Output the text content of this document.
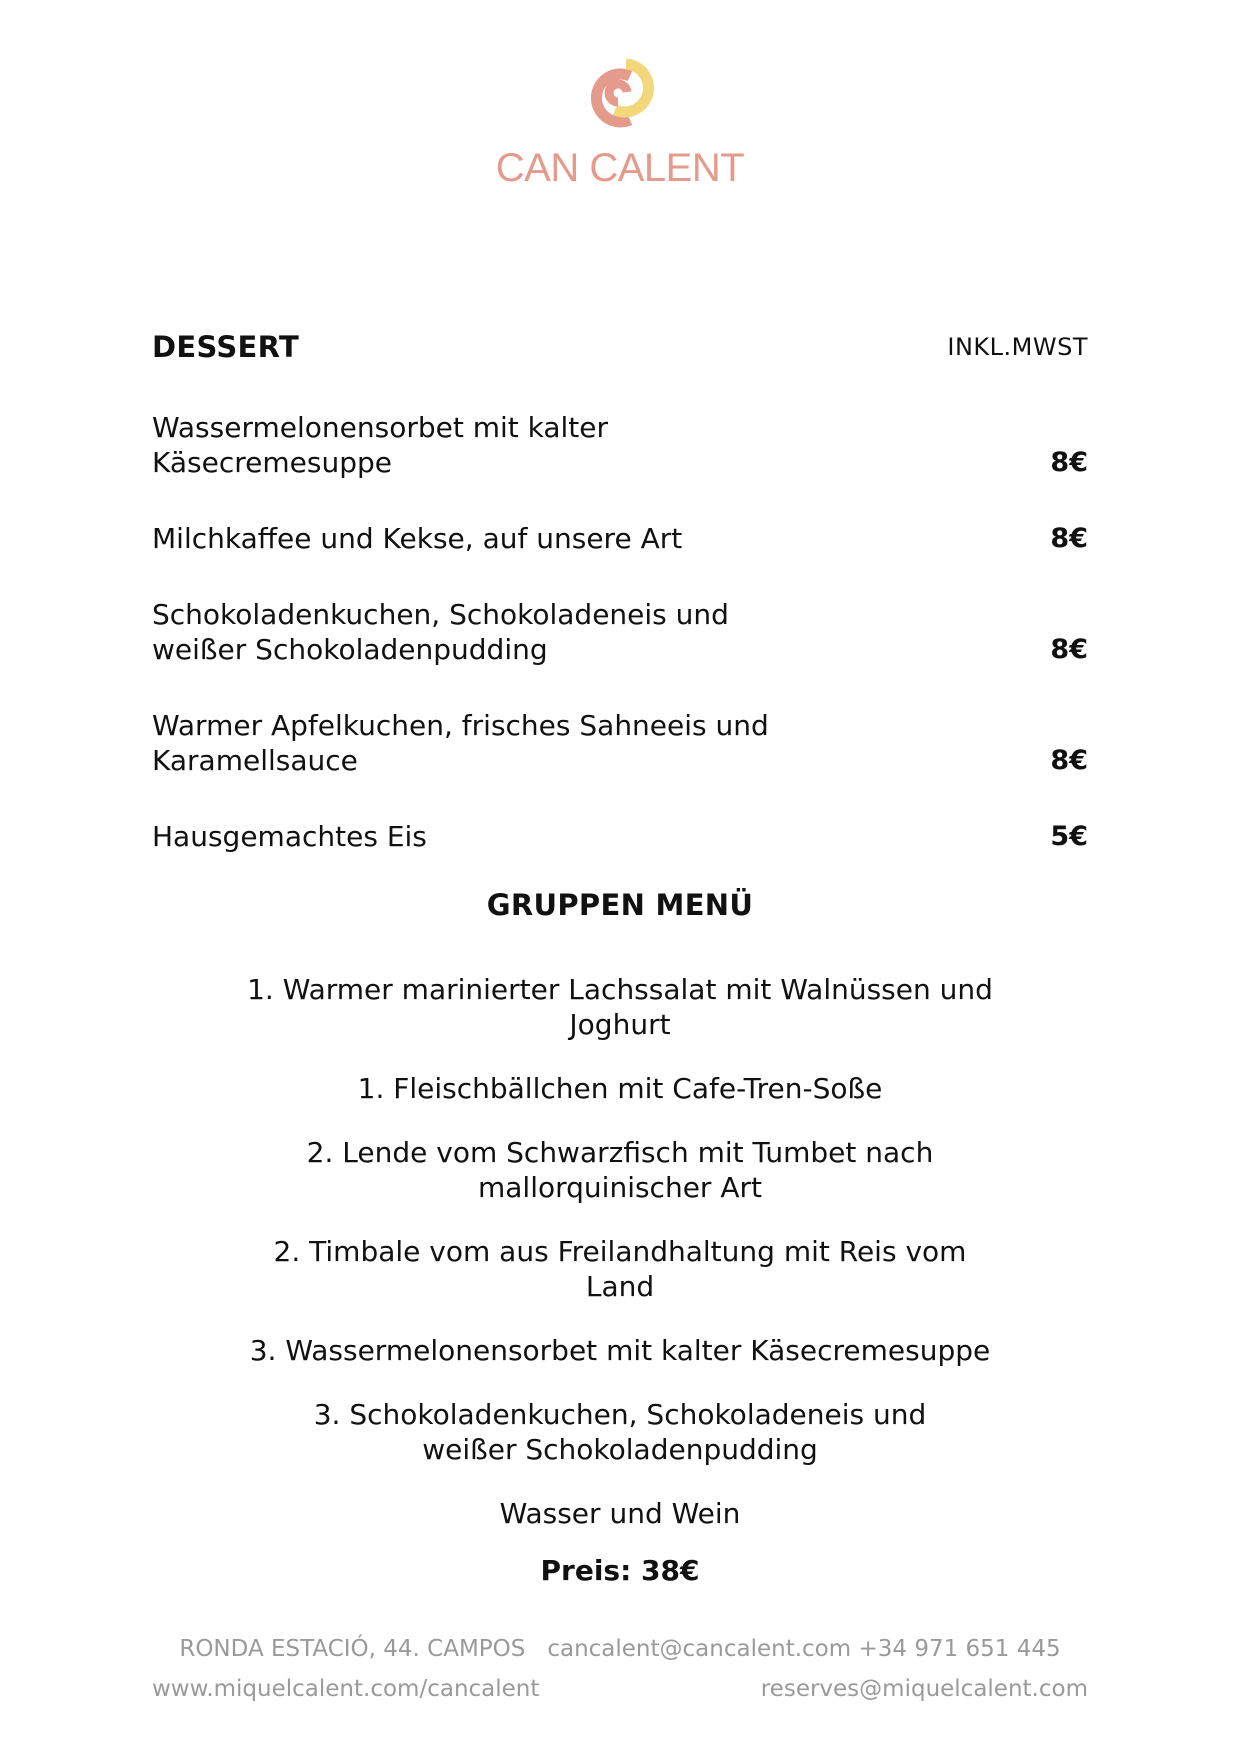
CAN CALENT
DESSERT	INKL.MWST
Wassermelonensorbet mit kalter Käsecremesuppe	8€
Milchkaffee und Kekse, auf unsere Art	8€
Schokoladenkuchen, Schokoladeneis und weißer Schokoladenpudding	8€
Warmer Apfelkuchen, frisches Sahneeis und Karamellsauce	8€
Hausgemachtes Eis	5€
GRUPPEN MENÜ
1. Warmer marinierter Lachssalat mit Walnüssen und Joghurt
1. Fleischbällchen mit Cafe-Tren-Soße
2. Lende vom Schwarzfisch mit Tumbet nach mallorquinischer Art
2. Timbale vom aus Freilandhaltung mit Reis vom Land
3. Wassermelonensorbet mit kalter Käsecremesuppe
3. Schokoladenkuchen, Schokoladeneis und weißer Schokoladenpudding
Wasser und Wein
Preis: 38€
RONDA ESTACIÓ, 44. CAMPOS cancalent@cancalent.com +34 971 651 445
www.miquelcalent.com/cancalent	reserves@miquelcalent.com
